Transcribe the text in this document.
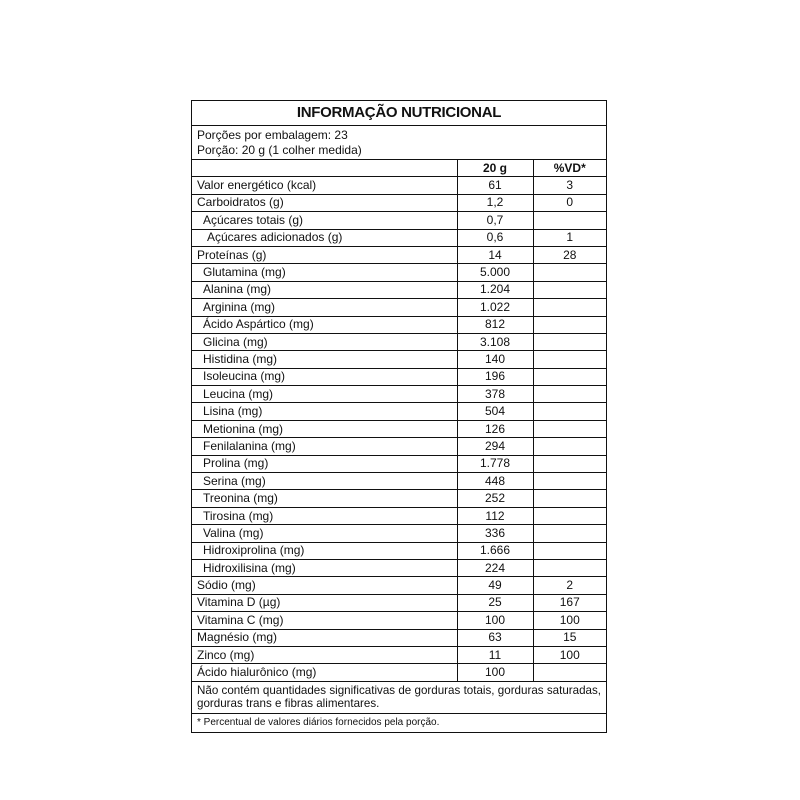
INFORMAÇÃO NUTRICIONAL
Porções por embalagem: 23
Porção: 20 g (1 colher medida)
	20 g	%VD*
Valor energético (kcal)	61	3
Carboidratos (g)	1,2	0
Açúcares totais (g)	0,7	
Açúcares adicionados (g)	0,6	1
Proteínas (g)	14	28
Glutamina (mg)	5.000	
Alanina (mg)	1.204	
Arginina (mg)	1.022	
Ácido Aspártico (mg)	812	
Glicina (mg)	3.108	
Histidina (mg)	140	
Isoleucina (mg)	196	
Leucina (mg)	378	
Lisina (mg)	504	
Metionina (mg)	126	
Fenilalanina (mg)	294	
Prolina (mg)	1.778	
Serina (mg)	448	
Treonina (mg)	252	
Tirosina (mg)	112	
Valina (mg)	336	
Hidroxiprolina (mg)	1.666	
Hidroxilisina (mg)	224	
Sódio (mg)	49	2
Vitamina D (µg)	25	167
Vitamina C (mg)	100	100
Magnésio (mg)	63	15
Zinco (mg)	11	100
Ácido hialurônico (mg)	100	
Não contém quantidades significativas de gorduras totais, gorduras saturadas, gorduras trans e fibras alimentares.
* Percentual de valores diários fornecidos pela porção.
